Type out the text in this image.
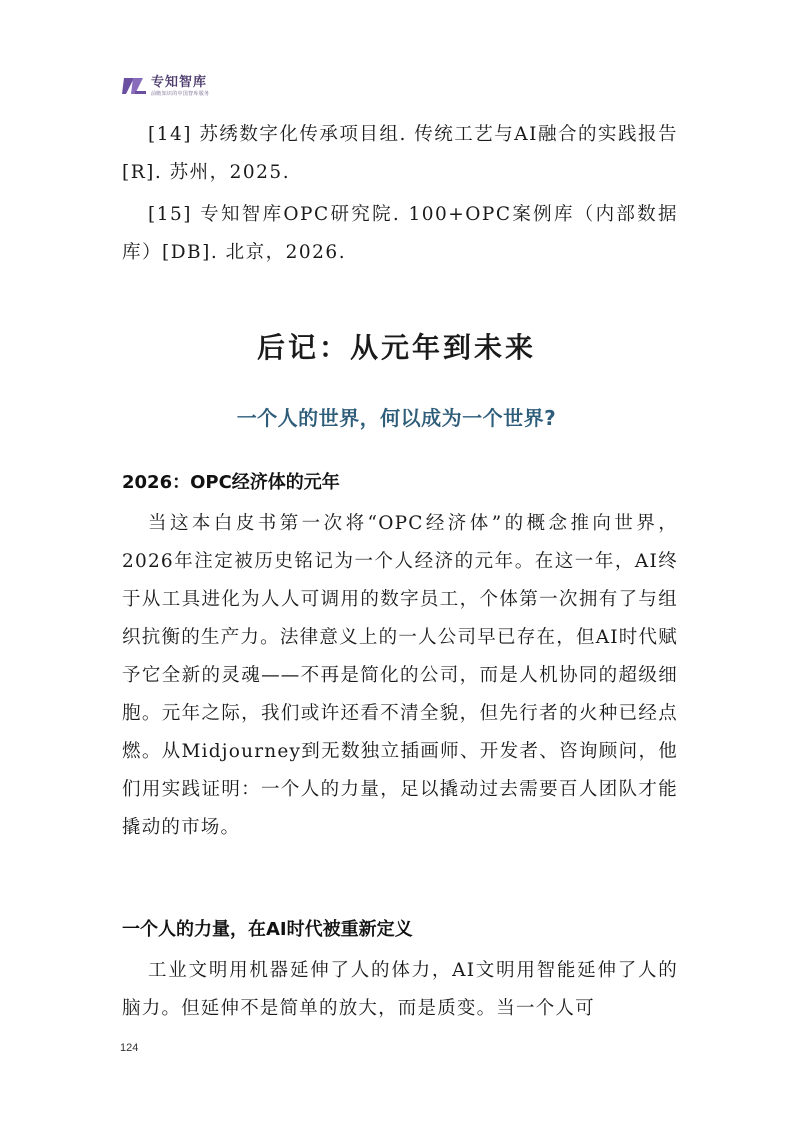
专知智库
前瞻知识的中国智库服务

[14] 苏绣数字化传承项目组. 传统工艺与AI融合的实践报告[R]. 苏州，2025.

[15] 专知智库OPC研究院. 100+OPC案例库（内部数据库）[DB]. 北京，2026.

后记：从元年到未来
一个人的世界，何以成为一个世界?
2026：OPC经济体的元年

当这本白皮书第一次将“OPC经济体”的概念推向世界，2026年注定被历史铭记为一个人经济的元年。在这一年，AI终于从工具进化为人人可调用的数字员工，个体第一次拥有了与组织抗衡的生产力。法律意义上的一人公司早已存在，但AI时代赋予它全新的灵魂——不再是简化的公司，而是人机协同的超级细胞。元年之际，我们或许还看不清全貌，但先行者的火种已经点燃。从Midjourney到无数独立插画师、开发者、咨询顾问，他们用实践证明：一个人的力量，足以撬动过去需要百人团队才能撬动的市场。

一个人的力量，在AI时代被重新定义

工业文明用机器延伸了人的体力，AI文明用智能延伸了人的脑力。但延伸不是简单的放大，而是质变。当一个人可

124
